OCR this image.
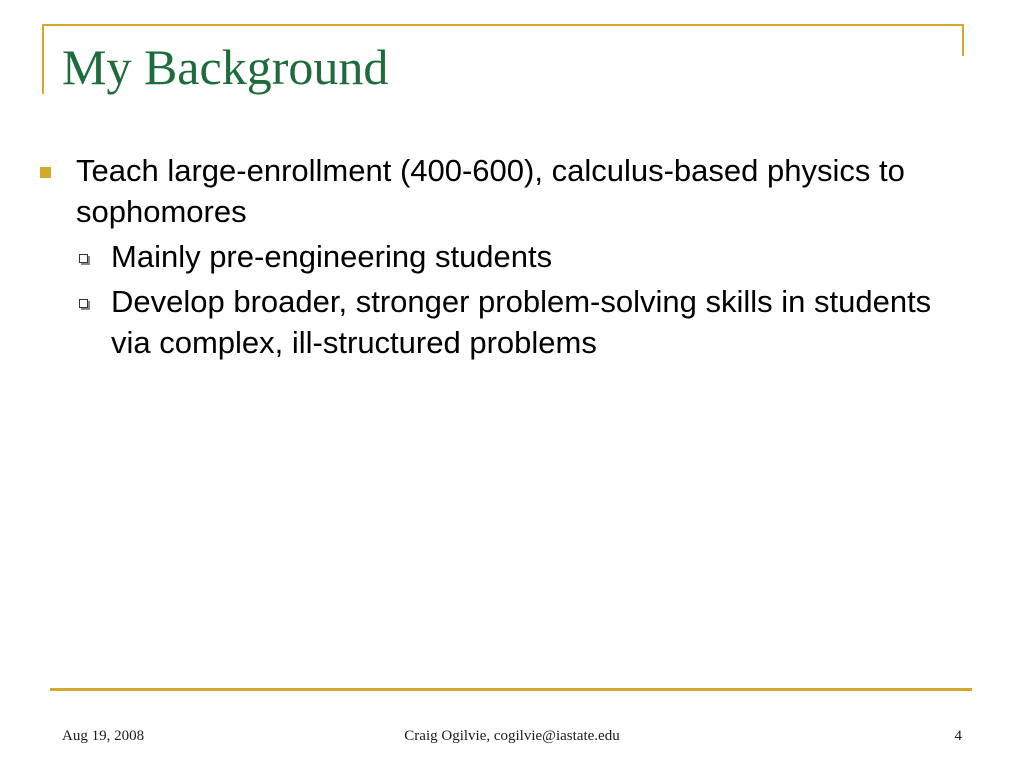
My Background
Teach large-enrollment (400-600), calculus-based physics to sophomores
Mainly pre-engineering students
Develop broader, stronger problem-solving skills in students via complex, ill-structured problems
Aug 19, 2008	Craig Ogilvie, cogilvie@iastate.edu	4
